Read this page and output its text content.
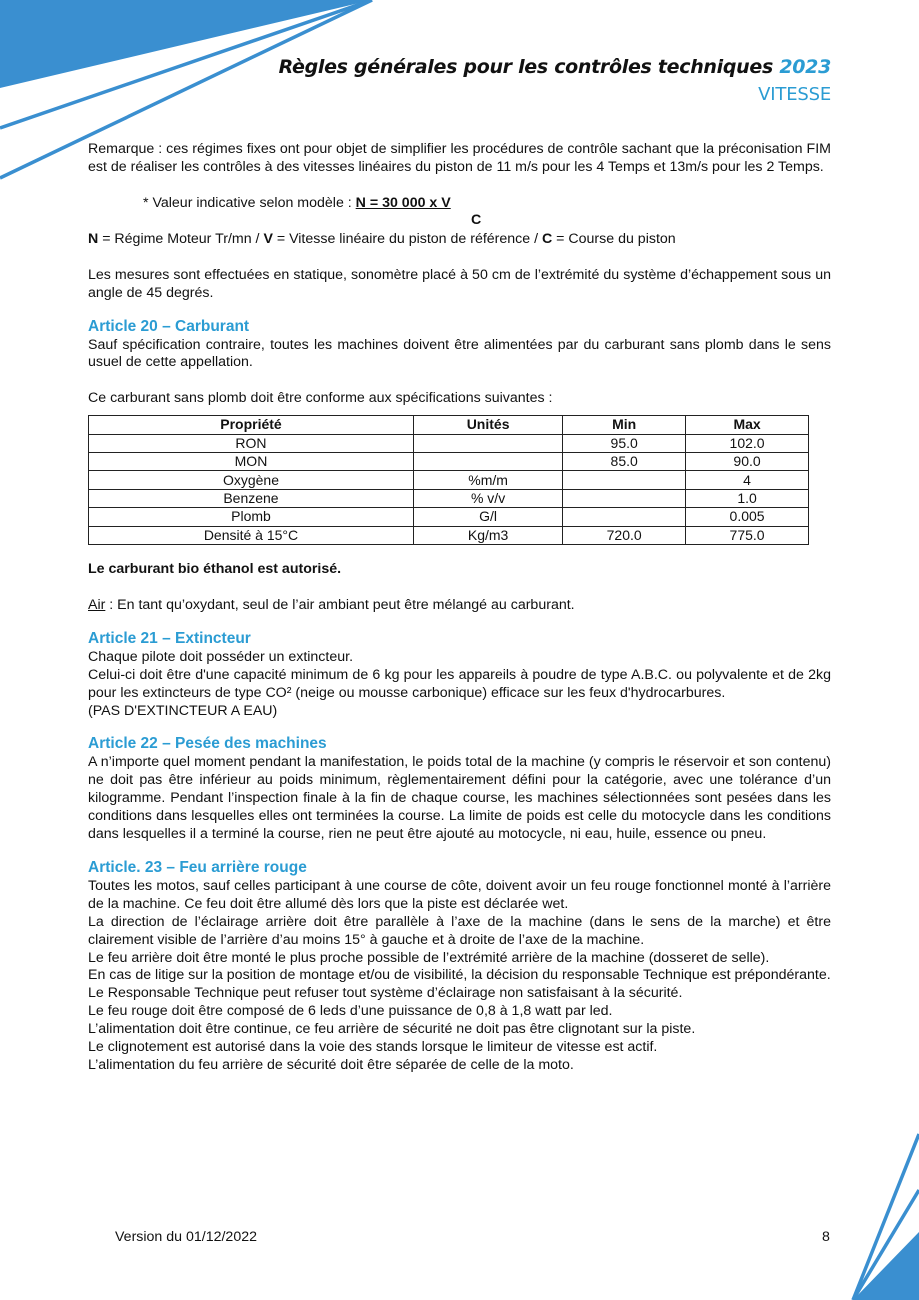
Règles générales pour les contrôles techniques 2023
VITESSE

Remarque : ces régimes fixes ont pour objet de simplifier les procédures de contrôle sachant que la préconisation FIM est de réaliser les contrôles à des vitesses linéaires du piston de 11 m/s pour les 4 Temps et 13m/s pour les 2 Temps.

* Valeur indicative selon modèle : N = 30 000 x V
C

N = Régime Moteur Tr/mn / V = Vitesse linéaire du piston de référence / C = Course du piston

Les mesures sont effectuées en statique, sonomètre placé à 50 cm de l’extrémité du système d’échappement sous un angle de 45 degrés.

Article 20 – Carburant

Sauf spécification contraire, toutes les machines doivent être alimentées par du carburant sans plomb dans le sens usuel de cette appellation.

Ce carburant sans plomb doit être conforme aux spécifications suivantes :

Propriété	Unités	Min	Max
RON		95.0	102.0
MON		85.0	90.0
Oxygène	%m/m		4
Benzene	% v/v		1.0
Plomb	G/l		0.005
Densité à 15°C	Kg/m3	720.0	775.0

Le carburant bio éthanol est autorisé.

Air : En tant qu’oxydant, seul de l’air ambiant peut être mélangé au carburant.

Article 21 – Extincteur

Chaque pilote doit posséder un extincteur.

Celui-ci doit être d'une capacité minimum de 6 kg pour les appareils à poudre de type A.B.C. ou polyvalente et de 2kg pour les extincteurs de type CO² (neige ou mousse carbonique) efficace sur les feux d'hydrocarbures.

(PAS D'EXTINCTEUR A EAU)

Article 22 – Pesée des machines

A n’importe quel moment pendant la manifestation, le poids total de la machine (y compris le réservoir et son contenu) ne doit pas être inférieur au poids minimum, règlementairement défini pour la catégorie, avec une tolérance d’un kilogramme. Pendant l’inspection finale à la fin de chaque course, les machines sélectionnées sont pesées dans les conditions dans lesquelles elles ont terminées la course. La limite de poids est celle du motocycle dans les conditions dans lesquelles il a terminé la course, rien ne peut être ajouté au motocycle, ni eau, huile, essence ou pneu.

Article. 23 – Feu arrière rouge

Toutes les motos, sauf celles participant à une course de côte, doivent avoir un feu rouge fonctionnel monté à l’arrière de la machine. Ce feu doit être allumé dès lors que la piste est déclarée wet.

La direction de l’éclairage arrière doit être parallèle à l’axe de la machine (dans le sens de la marche) et être clairement visible de l’arrière d’au moins 15° à gauche et à droite de l’axe de la machine.

Le feu arrière doit être monté le plus proche possible de l’extrémité arrière de la machine (dosseret de selle).

En cas de litige sur la position de montage et/ou de visibilité, la décision du responsable Technique est prépondérante.

Le Responsable Technique peut refuser tout système d’éclairage non satisfaisant à la sécurité.

Le feu rouge doit être composé de 6 leds d’une puissance de 0,8 à 1,8 watt par led.

L’alimentation doit être continue, ce feu arrière de sécurité ne doit pas être clignotant sur la piste.

Le clignotement est autorisé dans la voie des stands lorsque le limiteur de vitesse est actif.

L’alimentation du feu arrière de sécurité doit être séparée de celle de la moto.

Version du 01/12/2022	8
